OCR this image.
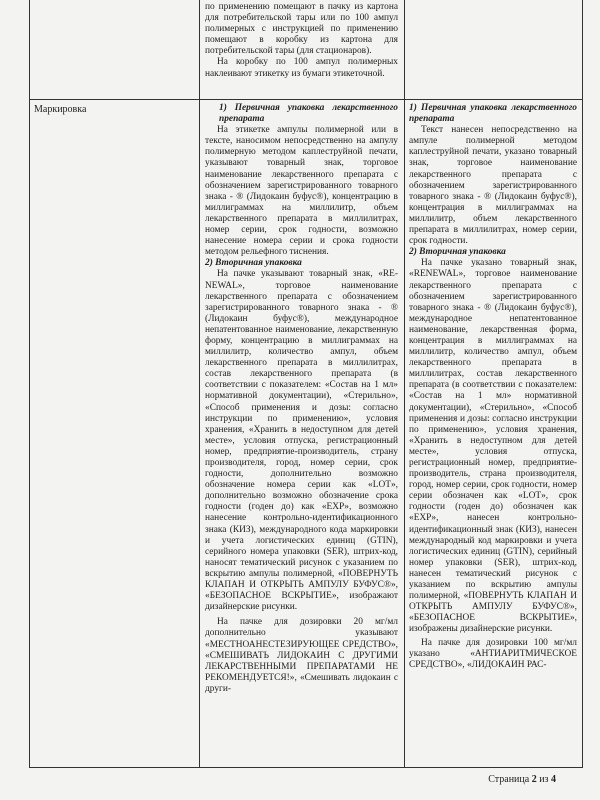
по применению помещают в пачку из картона для потребительской тары или по 100 ампул полимерных с инструкцией по применению помещают в коробку из картона для потребительской тары (для стационаров).

На коробку по 100 ампул полимерных наклеивают этикетку из бумаги этикеточной.

Маркировка	1) Первичная упаковка лекарственного препарата

На этикетке ампулы полимерной или в тексте, наносимом непосредственно на ампулу полимерную методом каплеструйной печати, указывают товарный знак, торговое наименование лекарственного препарата с обозначением зарегистрированного товарного знака - ® (Лидокаин буфус®), концентрацию в миллиграммах на миллилитр, объем лекарственного препарата в миллилитрах, номер серии, срок годности, возможно нанесение номера серии и срока годности методом рельефного тиснения.

2) Вторичная упаковка

На пачке указывают товарный знак, «RE-NEWAL», торговое наименование лекарственного препарата с обозначением зарегистрированного товарного знака - ® (Лидокаин буфус®), международное непатентованное наименование, лекарственную форму, концентрацию в миллиграммах на миллилитр, количество ампул, объем лекарственного препарата в миллилитрах, состав лекарственного препарата (в соответствии с показателем: «Состав на 1 мл» нормативной документации), «Стерильно», «Способ применения и дозы: согласно инструкции по применению», условия хранения, «Хранить в недоступном для детей месте», условия отпуска, регистрационный номер, предприятие-производитель, страну производителя, город, номер серии, срок годности, дополнительно возможно обозначение номера серии как «LOT», дополнительно возможно обозначение срока годности (годен до) как «EXP», возможно нанесение контрольно-идентификационного знака (КИЗ), международного кода маркировки и учета логистических единиц (GTIN), серийного номера упаковки (SER), штрих-код, наносят тематический рисунок с указанием по вскрытию ампулы полимерной, «ПОВЕРНУТЬ КЛАПАН И ОТКРЫТЬ АМПУЛУ БУФУС®», «БЕЗОПАСНОЕ ВСКРЫТИЕ», изображают дизайнерские рисунки.

На пачке для дозировки 20 мг/мл дополнительно указывают «МЕСТНОАНЕСТЕЗИРУЮЩЕЕ СРЕДСТВО», «СМЕШИВАТЬ ЛИДОКАИН С ДРУГИМИ ЛЕКАРСТВЕННЫМИ ПРЕПАРАТАМИ НЕ РЕКОМЕНДУЕТСЯ!», «Смешивать лидокаин с други-

1) Первичная упаковка лекарственного препарата

Текст нанесен непосредственно на ампуле полимерной методом каплеструйной печати, указано товарный знак, торговое наименование лекарственного препарата с обозначением зарегистрированного товарного знака - ® (Лидокаин буфус®), концентрация в миллиграммах на миллилитр, объем лекарственного препарата в миллилитрах, номер серии, срок годности.

2) Вторичная упаковка

На пачке указано товарный знак, «RENEWAL», торговое наименование лекарственного препарата с обозначением зарегистрированного товарного знака - ® (Лидокаин буфус®), международное непатентованное наименование, лекарственная форма, концентрация в миллиграммах на миллилитр, количество ампул, объем лекарственного препарата в миллилитрах, состав лекарственного препарата (в соответствии с показателем: «Состав на 1 мл» нормативной документации), «Стерильно», «Способ применения и дозы: согласно инструкции по применению», условия хранения, «Хранить в недоступном для детей месте», условия отпуска, регистрационный номер, предприятие-производитель, страна производителя, город, номер серии, срок годности, номер серии обозначен как «LOT», срок годности (годен до) обозначен как «EXP», нанесен контрольно-идентификационный знак (КИЗ), нанесен международный код маркировки и учета логистических единиц (GTIN), серийный номер упаковки (SER), штрих-код, нанесен тематический рисунок с указанием по вскрытию ампулы полимерной, «ПОВЕРНУТЬ КЛАПАН И ОТКРЫТЬ АМПУЛУ БУФУС®», «БЕЗОПАСНОЕ ВСКРЫТИЕ», изображены дизайнерские рисунки.

На пачке для дозировки 100 мг/мл указано «АНТИАРИТМИЧЕСКОЕ СРЕДСТВО», «ЛИДОКАИН РАС-

Страница 2 из 4
